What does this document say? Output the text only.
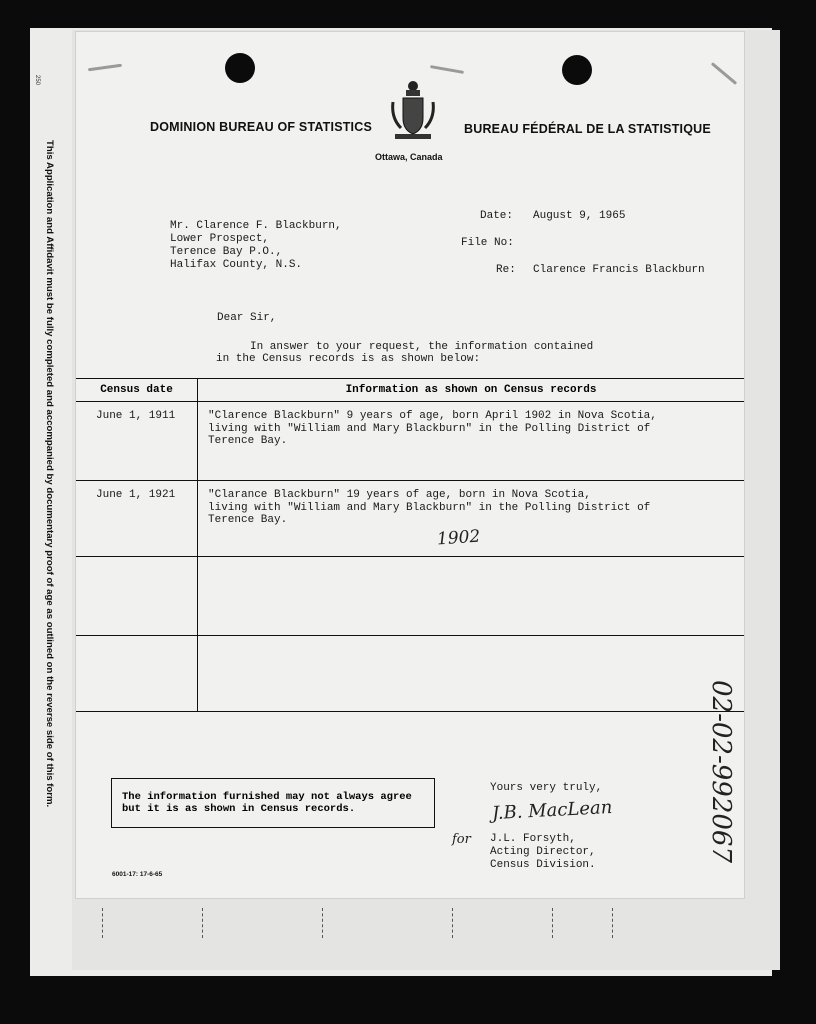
This Application and Affidavit must be fully completed and accompanied by documentary proof of age as outlined on the reverse side of this form.
250
DOMINION BUREAU OF STATISTICS	BUREAU FÉDÉRAL DE LA STATISTIQUE
Ottawa, Canada
Mr. Clarence F. Blackburn,
Lower Prospect,
Terence Bay P.O.,
Halifax County, N.S.
Date: August 9, 1965
File No:
Re: Clarence Francis Blackburn
Dear Sir,
In answer to your request, the information contained
in the Census records is as shown below:
Census date	Information as shown on Census records
June 1, 1911	"Clarence Blackburn" 9 years of age, born April 1902 in Nova Scotia,
living with "William and Mary Blackburn" in the Polling District of
Terence Bay.

June 1, 1921	"Clarance Blackburn" 19 years of age, born in Nova Scotia,
living with "William and Mary Blackburn" in the Polling District of
Terence Bay.

1902
The information furnished may not always agree
but it is as shown in Census records.
Yours very truly,
J.B. MacLean
for J.L. Forsyth,
Acting Director,
Census Division.
6001-17: 17-6-65
02-02-992067
